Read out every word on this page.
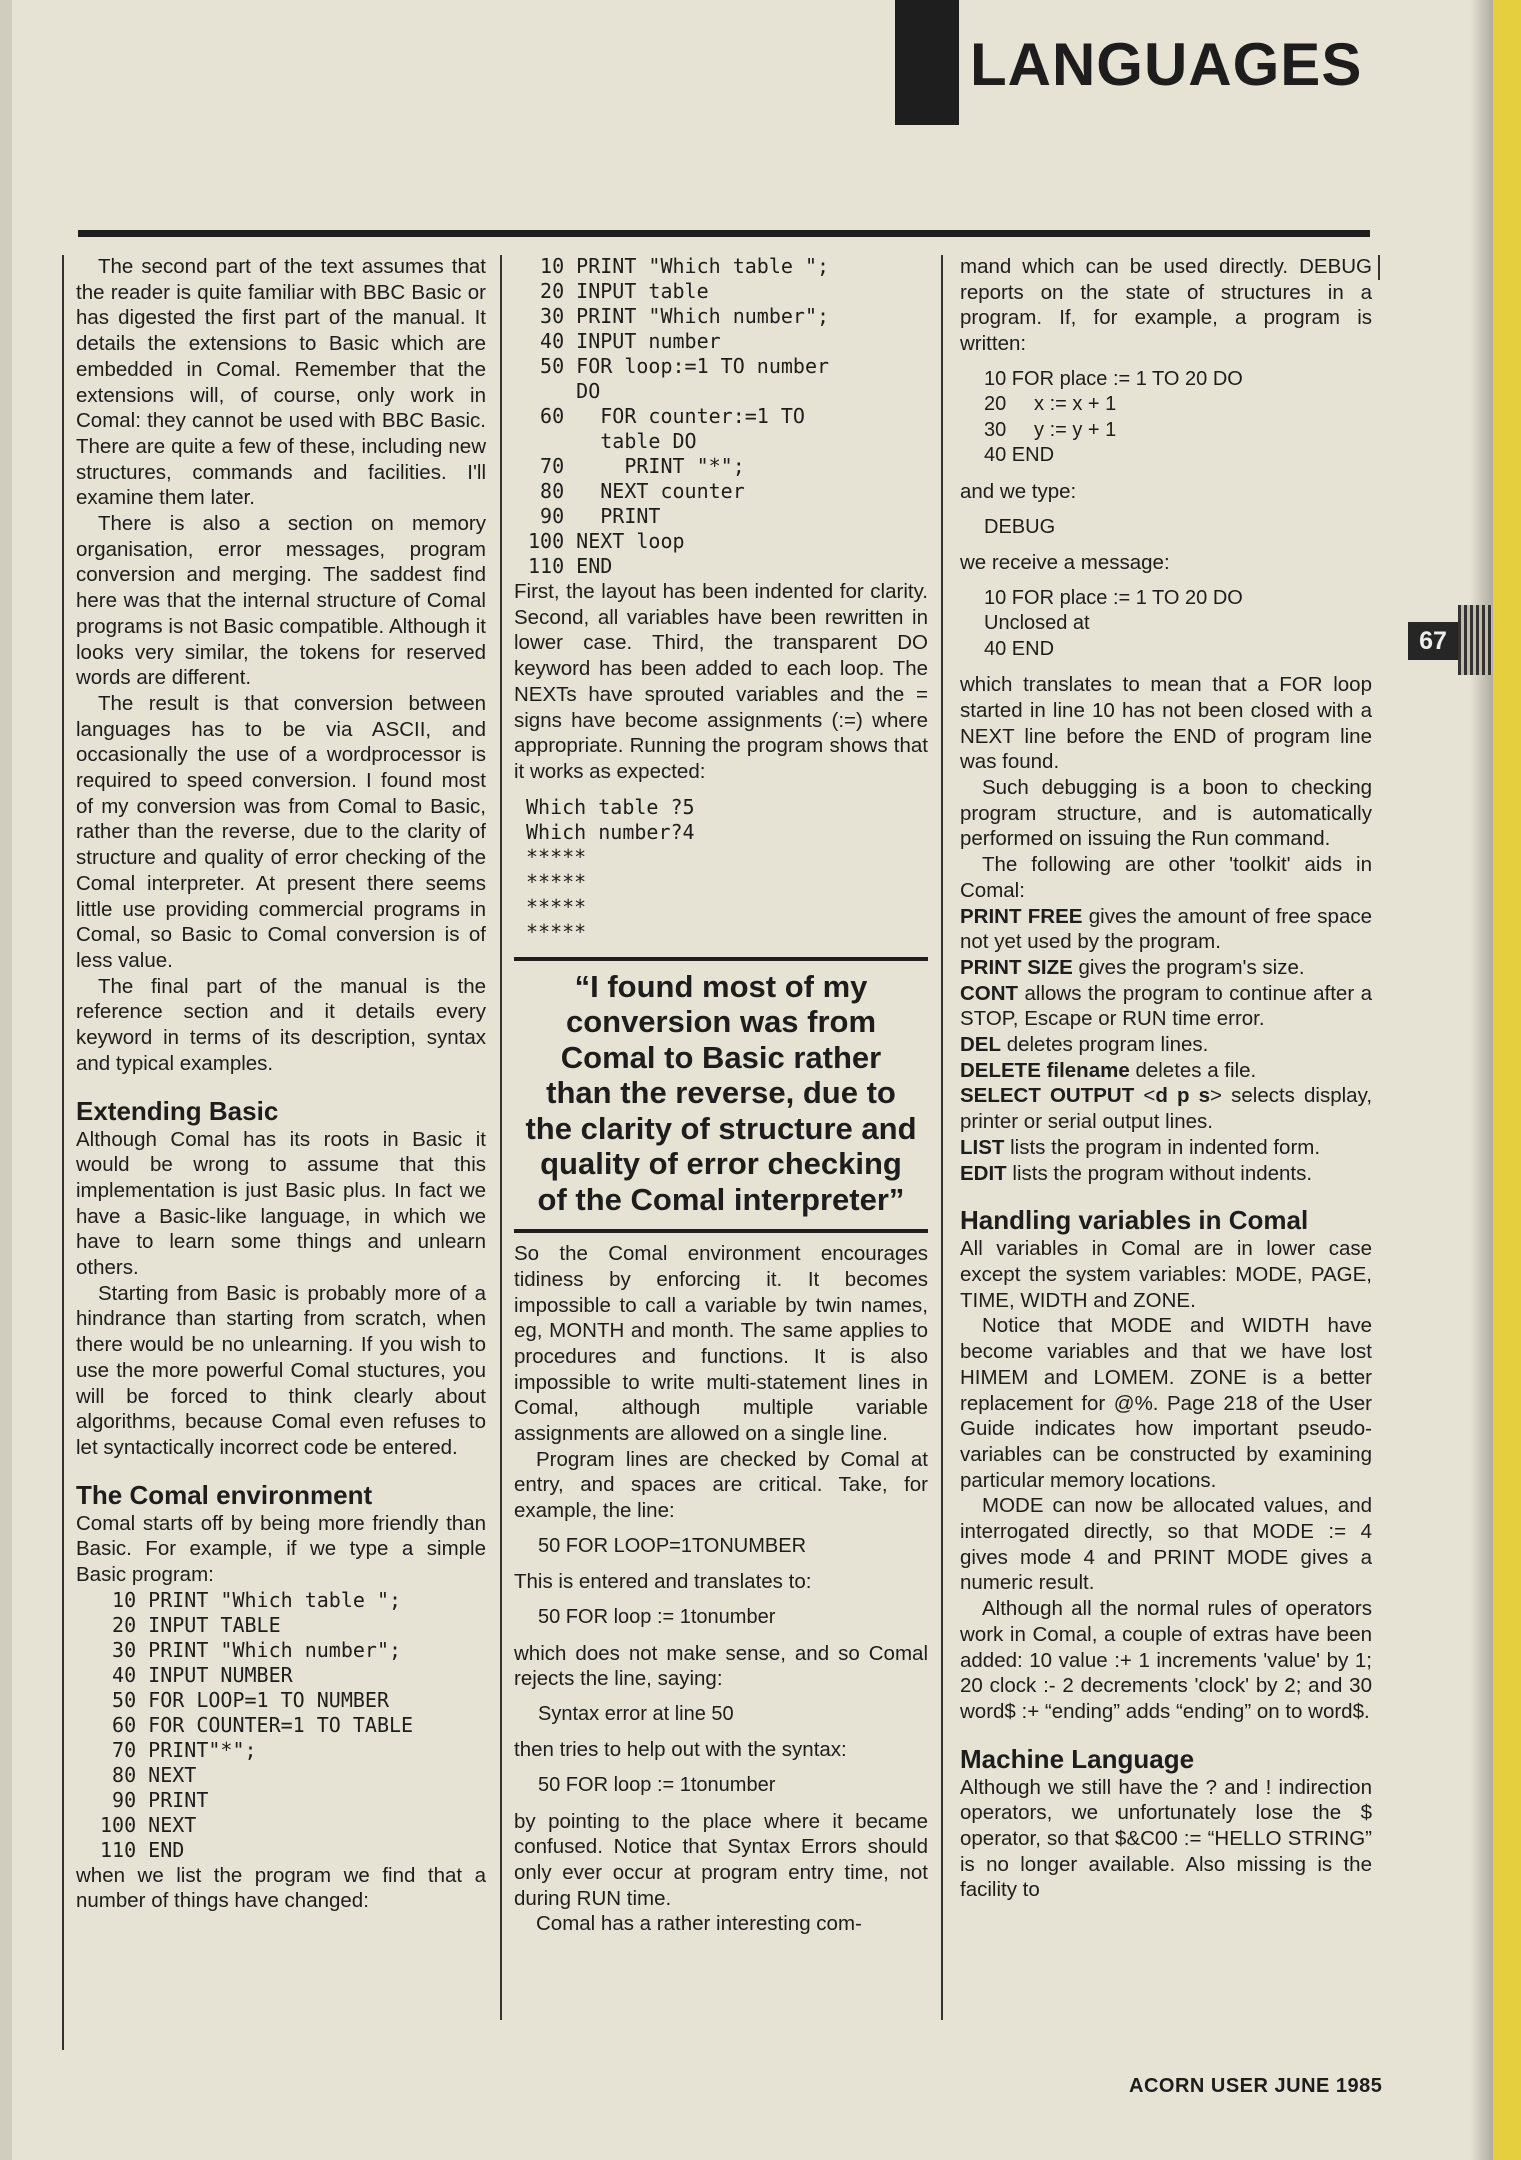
LANGUAGES
67

The second part of the text assumes that the reader is quite familiar with BBC Basic or has digested the first part of the manual. It details the extensions to Basic which are embedded in Comal. Remember that the extensions will, of course, only work in Comal: they cannot be used with BBC Basic. There are quite a few of these, including new structures, commands and facilities. I'll examine them later.

There is also a section on memory organisation, error messages, program conversion and merging. The saddest find here was that the internal structure of Comal programs is not Basic compatible. Although it looks very similar, the tokens for reserved words are different.

The result is that conversion between languages has to be via ASCII, and occasionally the use of a wordprocessor is required to speed conversion. I found most of my conversion was from Comal to Basic, rather than the reverse, due to the clarity of structure and quality of error checking of the Comal interpreter. At present there seems little use providing commercial programs in Comal, so Basic to Comal conversion is of less value.

The final part of the manual is the reference section and it details every keyword in terms of its description, syntax and typical examples.

Extending Basic

Although Comal has its roots in Basic it would be wrong to assume that this implementation is just Basic plus. In fact we have a Basic-like language, in which we have to learn some things and unlearn others.

Starting from Basic is probably more of a hindrance than starting from scratch, when there would be no unlearning. If you wish to use the more powerful Comal stuctures, you will be forced to think clearly about algorithms, because Comal even refuses to let syntactically incorrect code be entered.

The Comal environment

Comal starts off by being more friendly than Basic. For example, if we type a simple Basic program:

10 PRINT "Which table ";
20 INPUT TABLE
30 PRINT "Which number";
40 INPUT NUMBER
50 FOR LOOP=1 TO NUMBER
60 FOR COUNTER=1 TO TABLE
70 PRINT"*";
80 NEXT
90 PRINT
100 NEXT
110 END

when we list the program we find that a number of things have changed:

10 PRINT "Which table ";
20 INPUT table
30 PRINT "Which number";
40 INPUT number
50 FOR loop:=1 TO number
DO
60   FOR counter:=1 TO
table DO
70     PRINT "*";
80   NEXT counter
90   PRINT
100 NEXT loop
110 END

First, the layout has been indented for clarity. Second, all variables have been rewritten in lower case. Third, the transparent DO keyword has been added to each loop. The NEXTs have sprouted variables and the = signs have become assignments (:=) where appropriate. Running the program shows that it works as expected:

Which table ?5
Which number?4
*****
*****
*****
*****
“I found most of my conversion was from Comal to Basic rather than the reverse, due to the clarity of structure and quality of error checking of the Comal interpreter”

So the Comal environment encourages tidiness by enforcing it. It becomes impossible to call a variable by twin names, eg, MONTH and month. The same applies to procedures and functions. It is also impossible to write multi-statement lines in Comal, although multiple variable assignments are allowed on a single line.

Program lines are checked by Comal at entry, and spaces are critical. Take, for example, the line:

50 FOR LOOP=1TONUMBER

This is entered and translates to:

50 FOR loop := 1tonumber

which does not make sense, and so Comal rejects the line, saying:

Syntax error at line 50

then tries to help out with the syntax:

50 FOR loop := 1tonumber

by pointing to the place where it became confused. Notice that Syntax Errors should only ever occur at program entry time, not during RUN time.

Comal has a rather interesting com-

mand which can be used directly. DEBUG reports on the state of structures in a program. If, for example, a program is written:

10 FOR place := 1 TO 20 DO
20     x := x + 1
30     y := y + 1
40 END

and we type:

DEBUG

we receive a message:

10 FOR place := 1 TO 20 DO
Unclosed at
40 END

which translates to mean that a FOR loop started in line 10 has not been closed with a NEXT line before the END of program line was found.

Such debugging is a boon to checking program structure, and is automatically performed on issuing the Run command.

The following are other 'toolkit' aids in Comal:

PRINT FREE gives the amount of free space not yet used by the program.

PRINT SIZE gives the program's size.

CONT allows the program to continue after a STOP, Escape or RUN time error.

DEL deletes program lines.

DELETE filename deletes a file.

SELECT OUTPUT <d p s> selects display, printer or serial output lines.

LIST lists the program in indented form.

EDIT lists the program without indents.

Handling variables in Comal

All variables in Comal are in lower case except the system variables: MODE, PAGE, TIME, WIDTH and ZONE.

Notice that MODE and WIDTH have become variables and that we have lost HIMEM and LOMEM. ZONE is a better replacement for @%. Page 218 of the User Guide indicates how important pseudo-variables can be constructed by examining particular memory locations.

MODE can now be allocated values, and interrogated directly, so that MODE := 4 gives mode 4 and PRINT MODE gives a numeric result.

Although all the normal rules of operators work in Comal, a couple of extras have been added: 10 value :+ 1 increments 'value' by 1; 20 clock :- 2 decrements 'clock' by 2; and 30 word$ :+ “ending” adds “ending” on to word$.

Machine Language

Although we still have the ? and ! indirection operators, we unfortunately lose the $ operator, so that $&C00 := “HELLO STRING” is no longer available. Also missing is the facility to

ACORN USER JUNE 1985
